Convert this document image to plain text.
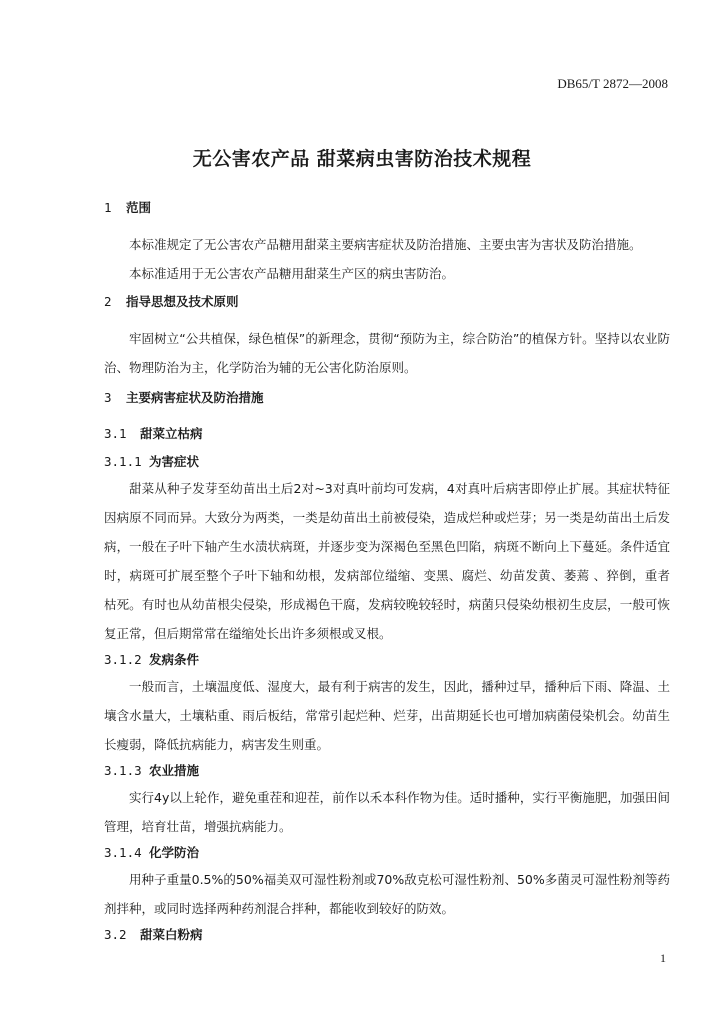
DB65/T 2872—2008
无公害农产品 甜菜病虫害防治技术规程

1 范围

本标准规定了无公害农产品糖用甜菜主要病害症状及防治措施、主要虫害为害状及防治措施。

本标准适用于无公害农产品糖用甜菜生产区的病虫害防治。

2 指导思想及技术原则

牢固树立“公共植保，绿色植保”的新理念，贯彻“预防为主，综合防治”的植保方针。坚持以农业防治、物理防治为主，化学防治为辅的无公害化防治原则。

3 主要病害症状及防治措施

3.1 甜菜立枯病

3.1.1 为害症状

甜菜从种子发芽至幼苗出土后2对~3对真叶前均可发病，4对真叶后病害即停止扩展。其症状特征因病原不同而异。大致分为两类，一类是幼苗出土前被侵染，造成烂种或烂芽；另一类是幼苗出土后发病，一般在子叶下轴产生水渍状病斑，并逐步变为深褐色至黑色凹陷，病斑不断向上下蔓延。条件适宜时，病斑可扩展至整个子叶下轴和幼根，发病部位缢缩、变黑、腐烂、幼苗发黄、萎蔫 、猝倒，重者枯死。有时也从幼苗根尖侵染，形成褐色干腐，发病较晚较轻时，病菌只侵染幼根初生皮层，一般可恢复正常，但后期常常在缢缩处长出许多须根或叉根。

3.1.2 发病条件

一般而言，土壤温度低、湿度大，最有利于病害的发生，因此，播种过早，播种后下雨、降温、土壤含水量大，土壤粘重、雨后板结，常常引起烂种、烂芽，出苗期延长也可增加病菌侵染机会。幼苗生长瘦弱，降低抗病能力，病害发生则重。

3.1.3 农业措施

实行4y以上轮作，避免重茬和迎茬，前作以禾本科作物为佳。适时播种，实行平衡施肥，加强田间管理，培育壮苗，增强抗病能力。

3.1.4 化学防治

用种子重量0.5%的50%福美双可湿性粉剂或70%敌克松可湿性粉剂、50%多菌灵可湿性粉剂等药剂拌种，或同时选择两种药剂混合拌种，都能收到较好的防效。

3.2 甜菜白粉病

1
